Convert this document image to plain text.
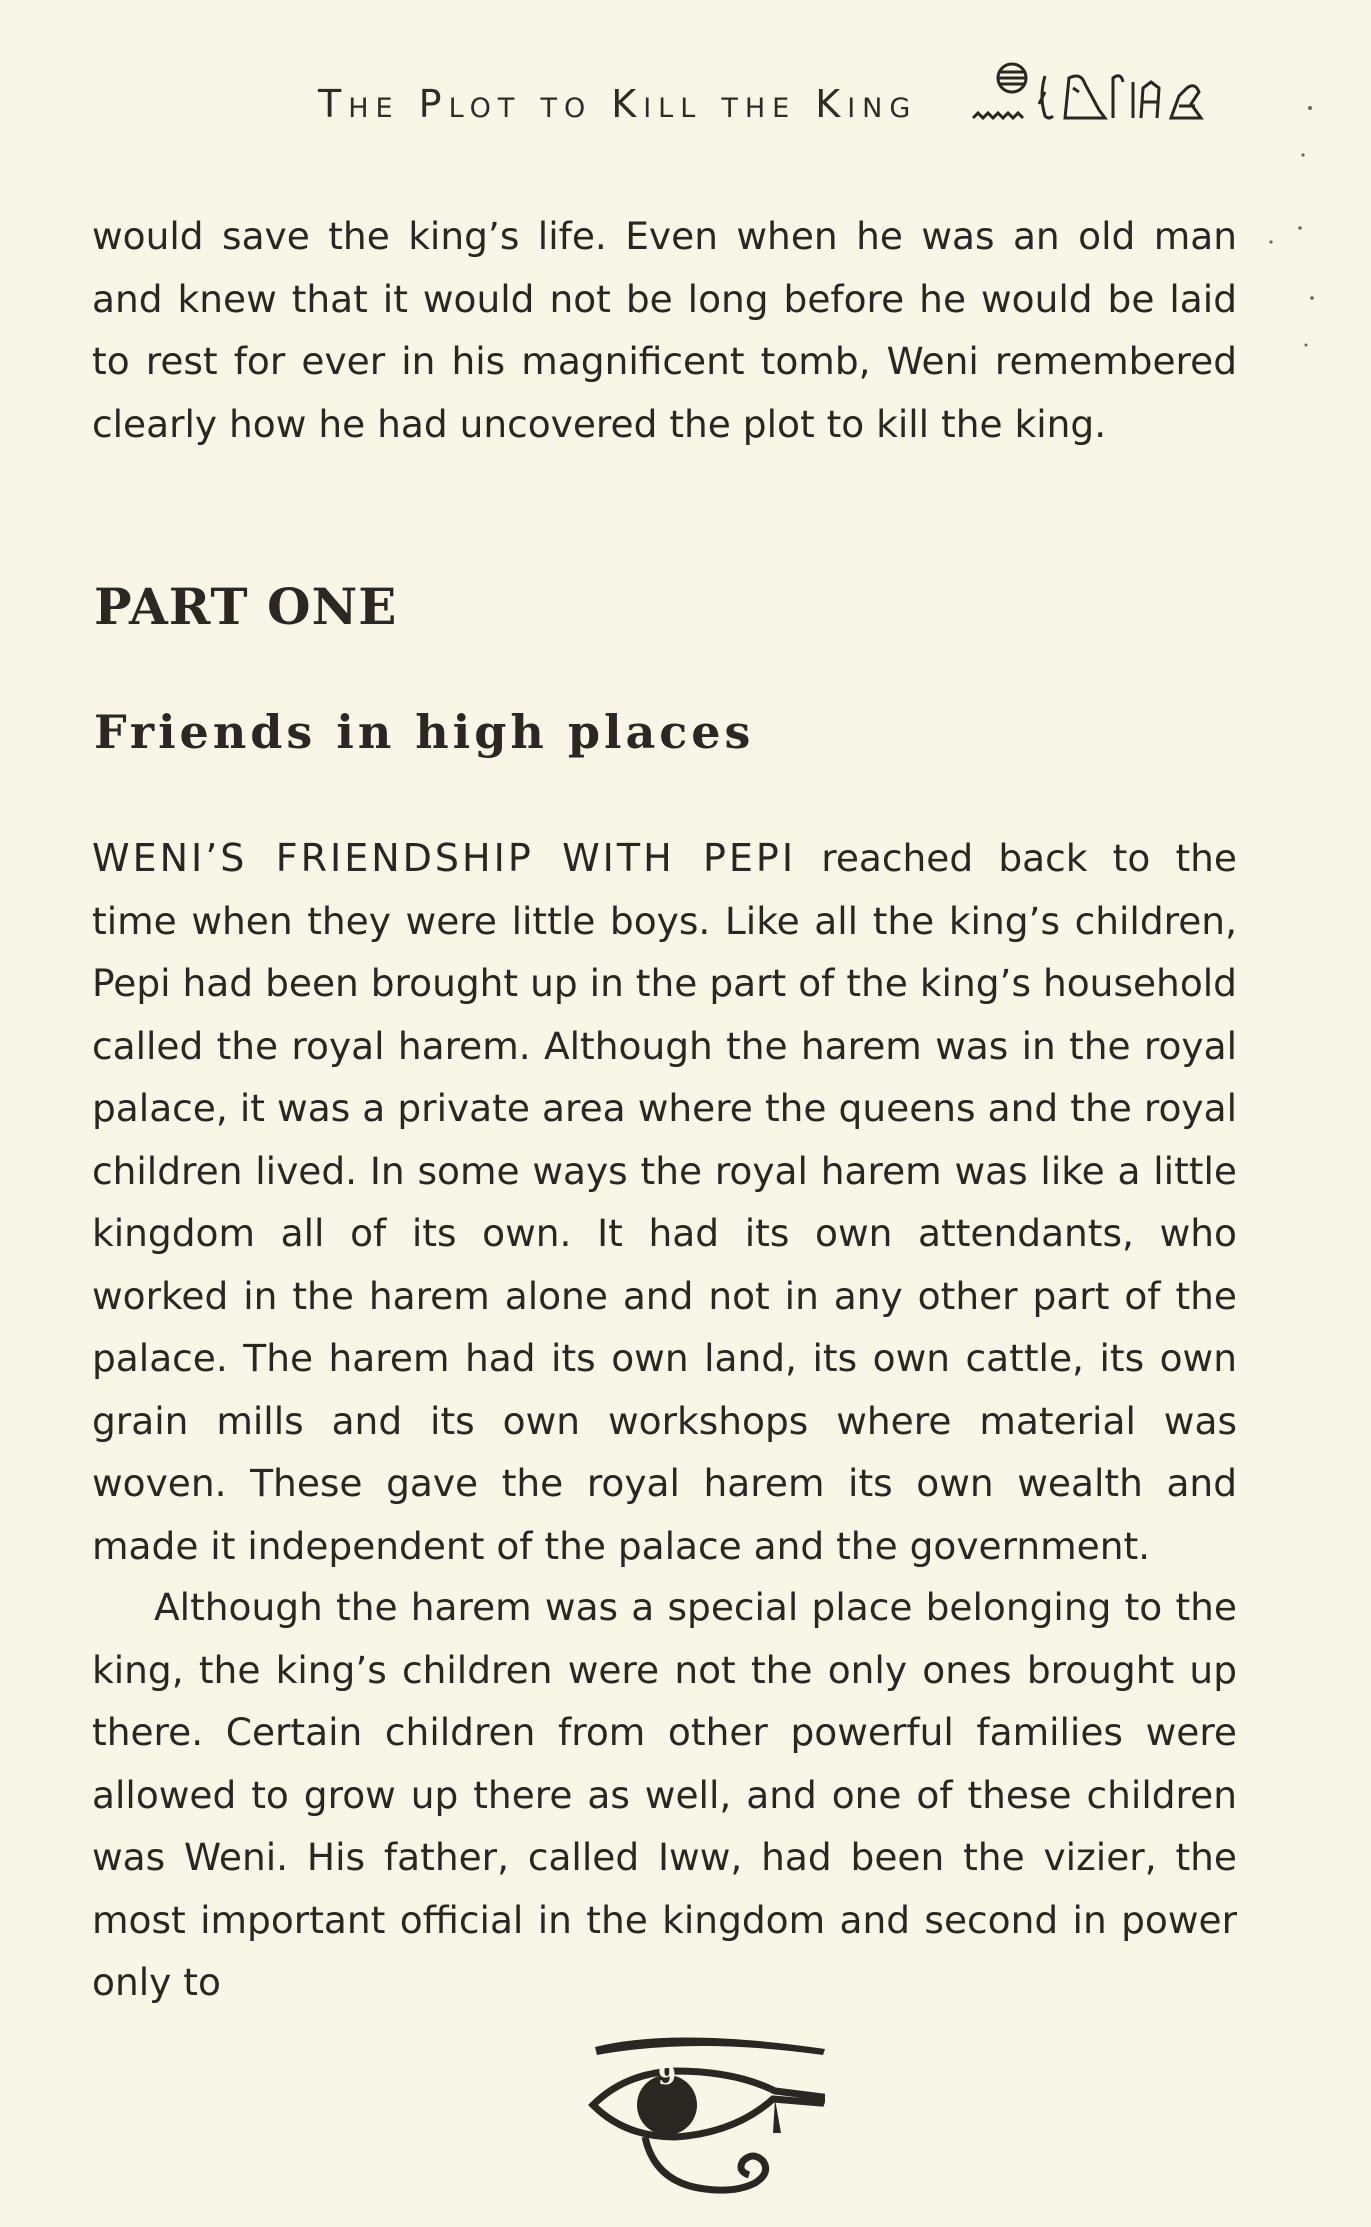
The Plot to Kill the King

would save the king’s life. Even when he was an old man and knew that it would not be long before he would be laid to rest for ever in his magnificent tomb, Weni remembered clearly how he had uncovered the plot to kill the king.

PART ONE
Friends in high places

WENI’S FRIENDSHIP WITH PEPI reached back to the time when they were little boys. Like all the king’s children, Pepi had been brought up in the part of the king’s household called the royal harem. Although the harem was in the royal palace, it was a private area where the queens and the royal children lived. In some ways the royal harem was like a little kingdom all of its own. It had its own attendants, who worked in the harem alone and not in any other part of the palace. The harem had its own land, its own cattle, its own grain mills and its own workshops where material was woven. These gave the royal harem its own wealth and made it independent of the palace and the government.

Although the harem was a special place belonging to the king, the king’s children were not the only ones brought up there. Certain children from other powerful families were allowed to grow up there as well, and one of these children was Weni. His father, called Iww, had been the vizier, the most important official in the kingdom and second in power only to

9
